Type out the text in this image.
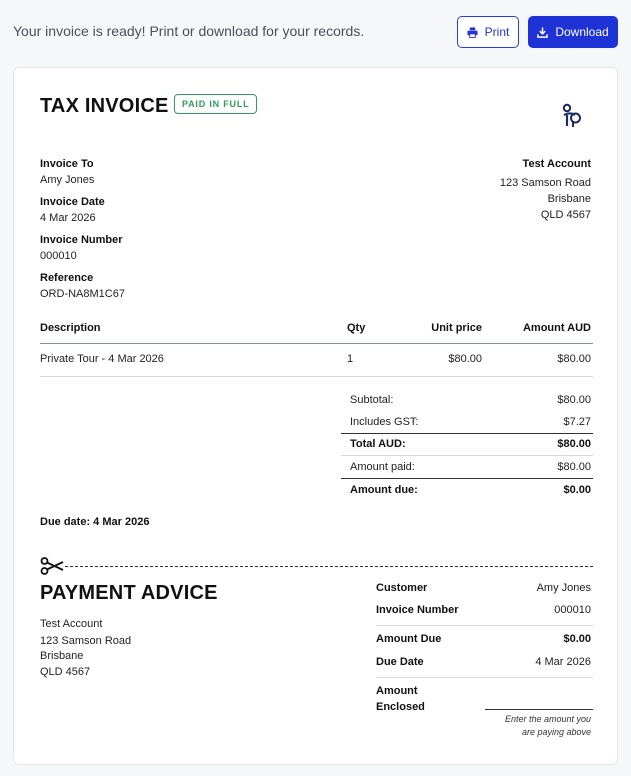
Your invoice is ready! Print or download for your records.	Print	Download
TAX INVOICE	PAID IN FULL
Invoice To
Amy Jones
Invoice Date
4 Mar 2026
Invoice Number
000010
Reference
ORD-NA8M1C67
Test Account
123 Samson Road
Brisbane
QLD 4567
Description	Qty	Unit price	Amount AUD
Private Tour - 4 Mar 2026	1	$80.00	$80.00
Subtotal:	$80.00
Includes GST:	$7.27
Total AUD:	$80.00
Amount paid:	$80.00
Amount due:	$0.00
Due date: 4 Mar 2026
PAYMENT ADVICE
Test Account
123 Samson Road
Brisbane
QLD 4567
Customer	Amy Jones
Invoice Number	000010
Amount Due	$0.00
Due Date	4 Mar 2026
Amount
Enclosed
Enter the amount you
are paying above
